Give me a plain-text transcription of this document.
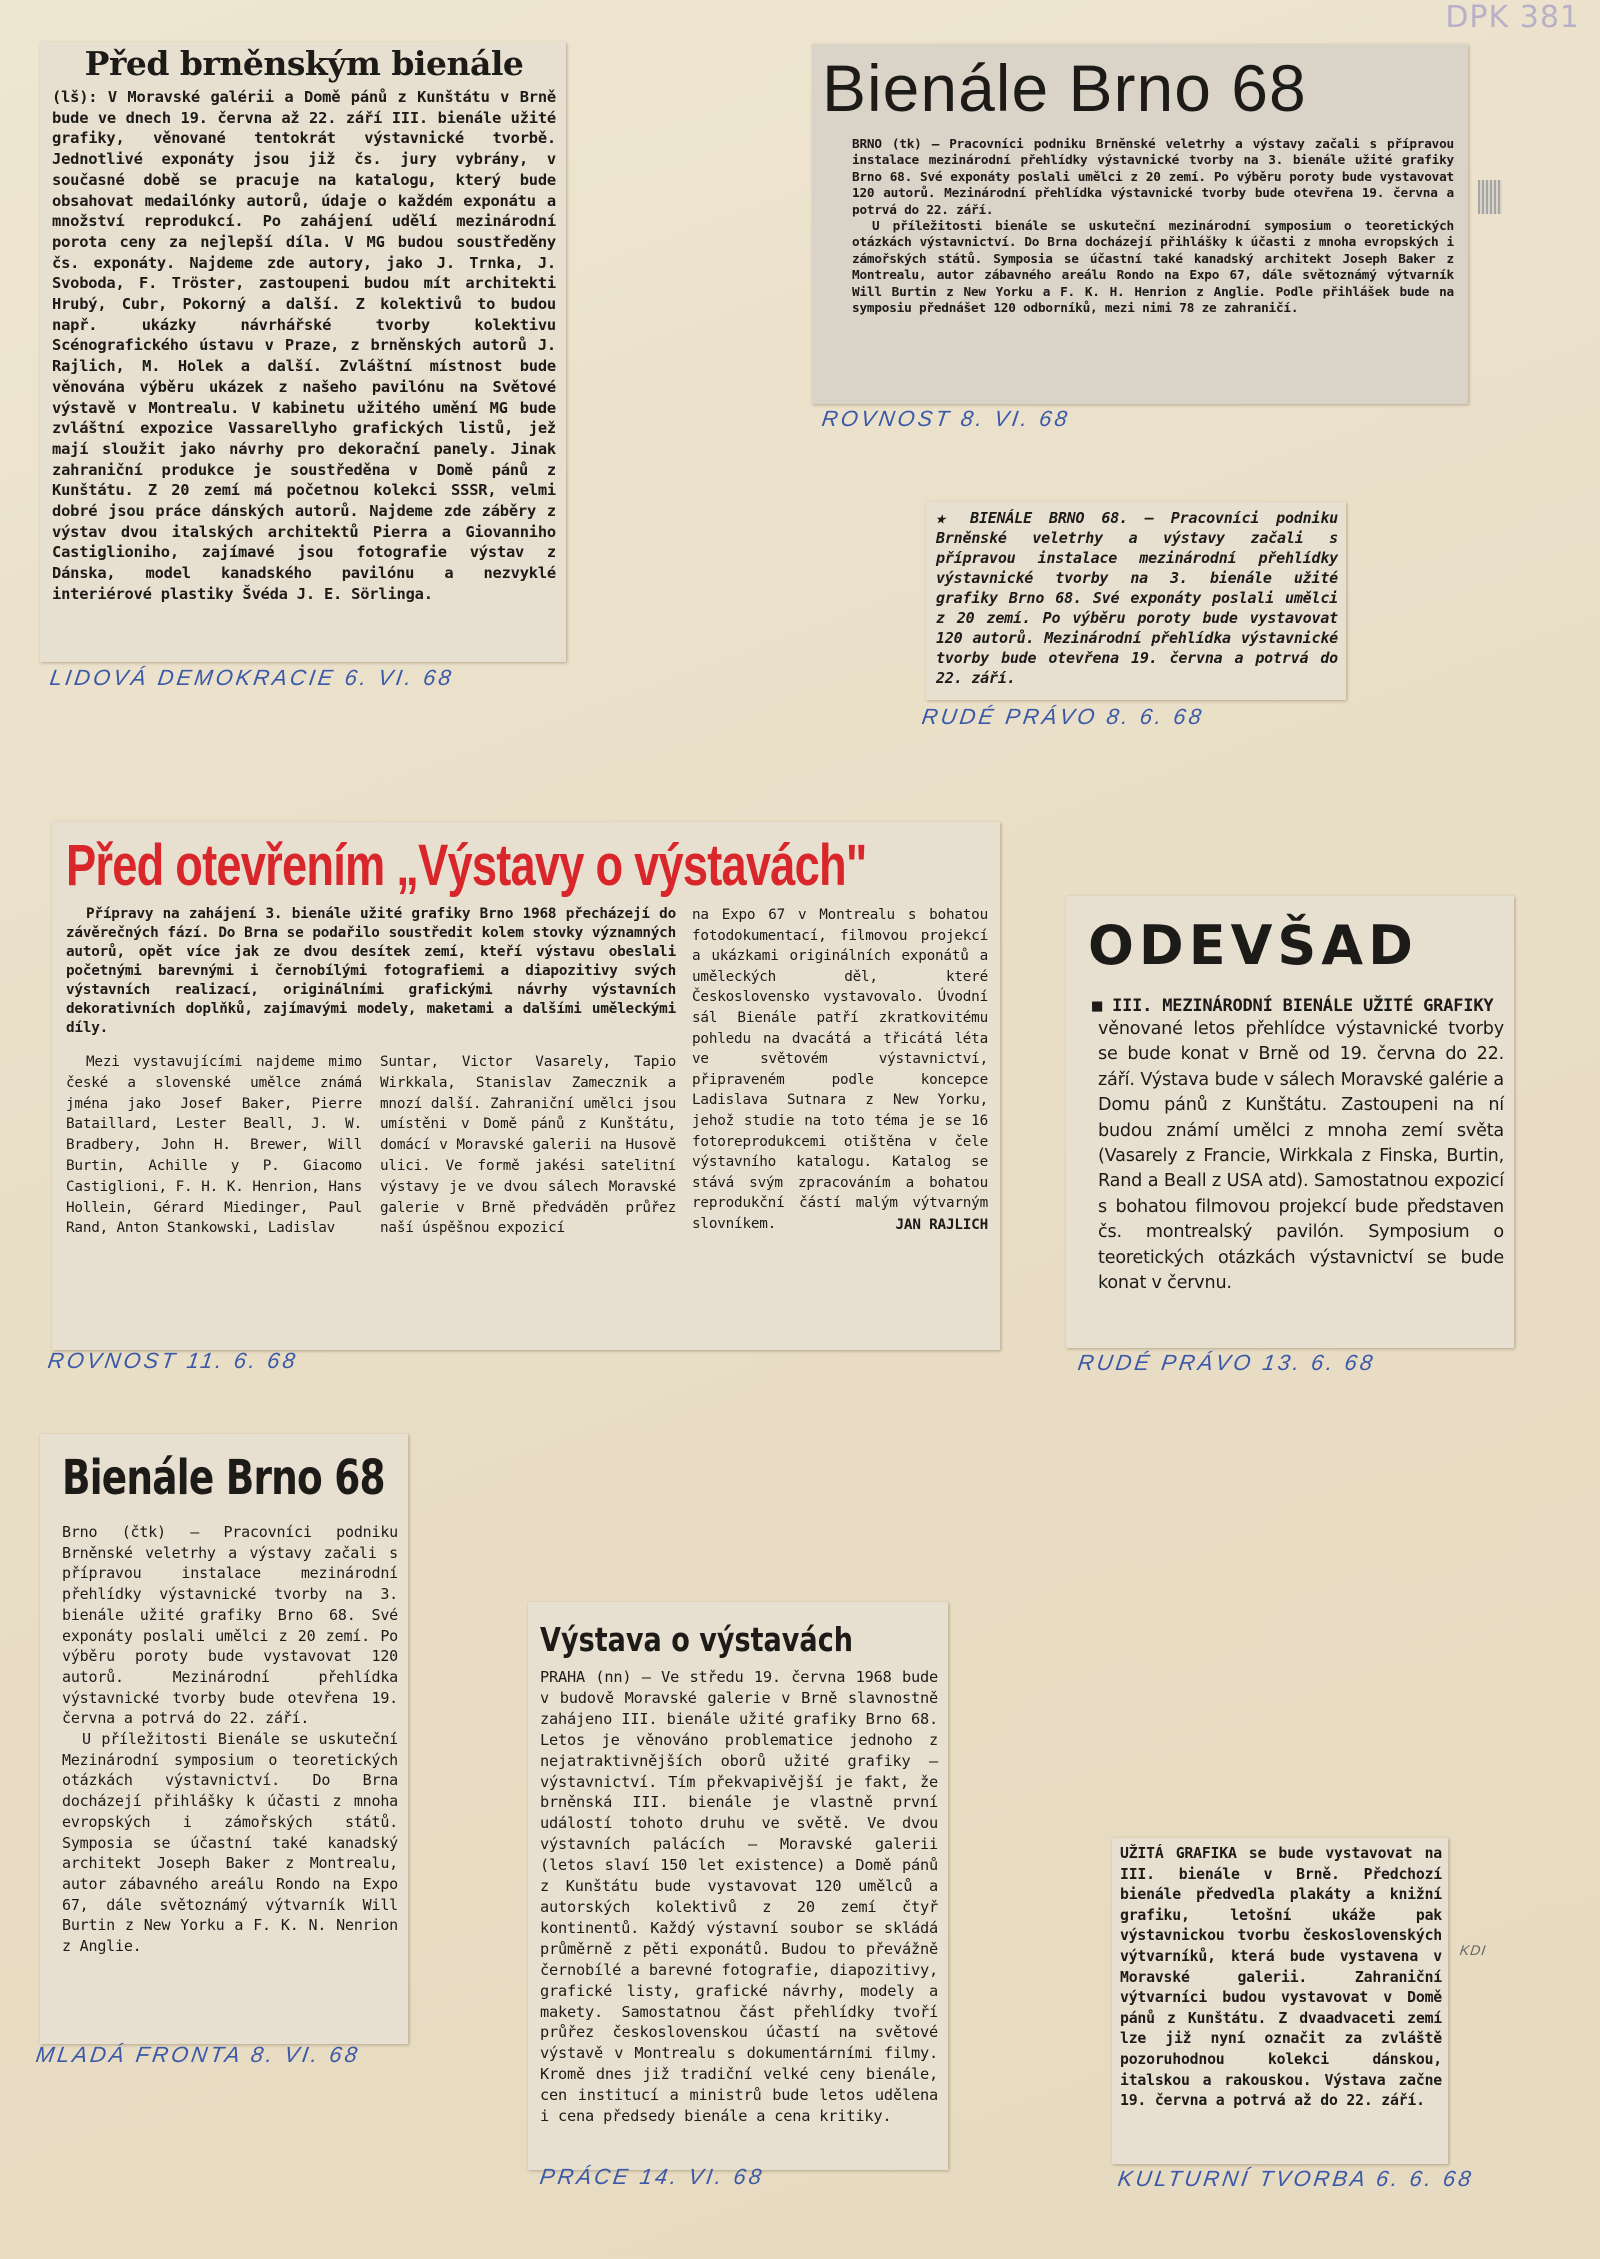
DPK 381
Před brněnským bienále

(lš): V Moravské galérii a Domě pánů z Kunštátu v Brně bude ve dnech 19. června až 22. září III. bienále užité grafiky, věnované tentokrát výstavnické tvorbě. Jednotlivé exponáty jsou již čs. jury vybrány, v současné době se pracuje na katalogu, který bude obsahovat medailónky autorů, údaje o každém exponátu a množství reprodukcí. Po zahájení udělí mezinárodní porota ceny za nejlepší díla. V MG budou soustředěny čs. exponáty. Najdeme zde autory, jako J. Trnka, J. Svoboda, F. Tröster, zastoupeni budou mít architekti Hrubý, Cubr, Pokorný a další. Z kolektivů to budou např. ukázky návrhářské tvorby kolektivu Scénografického ústavu v Praze, z brněnských autorů J. Rajlich, M. Holek a další. Zvláštní místnost bude věnována výběru ukázek z našeho pavilónu na Světové výstavě v Montrealu. V kabinetu užitého umění MG bude zvláštní expozice Vassarellyho grafických listů, jež mají sloužit jako návrhy pro dekorační panely. Jinak zahraniční produkce je soustředěna v Domě pánů z Kunštátu. Z 20 zemí má početnou kolekci SSSR, velmi dobré jsou práce dánských autorů. Najdeme zde záběry z výstav dvou italských architektů Pierra a Giovanniho Castiglioniho, zajímavé jsou fotografie výstav z Dánska, model kanadského pavilónu a nezvyklé interiérové plastiky Švéda J. E. Sörlinga.

LIDOVÁ DEMOKRACIE 6. VI. 68
Bienále Brno 68

BRNO (tk) — Pracovníci podniku Brněnské veletrhy a výstavy začali s přípravou instalace mezinárodní přehlídky výstavnické tvorby na 3. bienále užité grafiky Brno 68. Své exponáty poslali umělci z 20 zemí. Po výběru poroty bude vystavovat 120 autorů. Mezinárodní přehlídka výstavnické tvorby bude otevřena 19. června a potrvá do 22. září.

U příležitosti bienále se uskuteční mezinárodní symposium o teoretických otázkách výstavnictví. Do Brna docházejí přihlášky k účasti z mnoha evropských i zámořských států. Symposia se účastní také kanadský architekt Joseph Baker z Montrealu, autor zábavného areálu Rondo na Expo 67, dále světoznámý výtvarník Will Burtin z New Yorku a F. K. H. Henrion z Anglie. Podle přihlášek bude na symposiu přednášet 120 odborníků, mezi nimi 78 ze zahraničí.

ROVNOST 8. VI. 68

★ BIENÁLE BRNO 68. — Pracovníci podniku Brněnské veletrhy a výstavy začali s přípravou instalace mezinárodní přehlídky výstavnické tvorby na 3. bienále užité grafiky Brno 68. Své exponáty poslali umělci z 20 zemí. Po výběru poroty bude vystavovat 120 autorů. Mezinárodní přehlídka výstavnické tvorby bude otevřena 19. června a potrvá do 22. září.

RUDÉ PRÁVO 8. 6. 68
Před otevřením „Výstavy o výstavách"

Přípravy na zahájení 3. bienále užité grafiky Brno 1968 přecházejí do závěrečných fází. Do Brna se podařilo soustředit kolem stovky významných autorů, opět více jak ze dvou desítek zemí, kteří výstavu obeslali početnými barevnými i černobílými fotografiemi a diapozitivy svých výstavních realizací, originálními grafickými návrhy výstavních dekorativních doplňků, zajímavými modely, maketami a dalšími uměleckými díly.

Mezi vystavujícími najdeme mimo české a slovenské umělce známá jména jako Josef Baker, Pierre Bataillard, Lester Beall, J. W. Bradbery, John H. Brewer, Will Burtin, Achille y P. Giacomo Castiglioni, F. H. K. Henrion, Hans Hollein, Gérard Miedinger, Paul Rand, Anton Stankowski, Ladislav

Suntar, Victor Vasarely, Tapio Wirkkala, Stanislav Zamecznik a mnozí další. Zahraniční umělci jsou umístěni v Domě pánů z Kunštátu, domácí v Moravské galerii na Husově ulici. Ve formě jakési satelitní výstavy je ve dvou sálech Moravské galerie v Brně předváděn průřez naší úspěšnou expozicí

na Expo 67 v Montrealu s bohatou fotodokumentací, filmovou projekcí a ukázkami originálních exponátů a uměleckých děl, které Československo vystavovalo. Úvodní sál Bienále patří zkratkovitému pohledu na dvacátá a třicátá léta ve světovém výstavnictví, připraveném podle koncepce Ladislava Sutnara z New Yorku, jehož studie na toto téma je se 16 fotoreprodukcemi otištěna v čele výstavního katalogu. Katalog se stává svým zpracováním a bohatou reprodukční částí malým výtvarným slovníkem.	JAN RAJLICH

ROVNOST 11. 6. 68
ODEVŠAD

■ III. MEZINÁRODNÍ BIENÁLE UŽITÉ GRAFIKY

věnované letos přehlídce výstavnické tvorby se bude konat v Brně od 19. června do 22. září. Výstava bude v sálech Moravské galérie a Domu pánů z Kunštátu. Zastoupeni na ní budou známí umělci z mnoha zemí světa (Vasarely z Francie, Wirkkala z Finska, Burtin, Rand a Beall z USA atd). Samostatnou expozicí s bohatou filmovou projekcí bude představen čs. montrealský pavilón. Symposium o teoretických otázkách výstavnictví se bude konat v červnu.

RUDÉ PRÁVO 13. 6. 68
Bienále Brno 68

Brno (čtk) — Pracovníci podniku Brněnské veletrhy a výstavy začali s přípravou instalace mezinárodní přehlídky výstavnické tvorby na 3. bienále užité grafiky Brno 68. Své exponáty poslali umělci z 20 zemí. Po výběru poroty bude vystavovat 120 autorů. Mezinárodní přehlídka výstavnické tvorby bude otevřena 19. června a potrvá do 22. září.

U příležitosti Bienále se uskuteční Mezinárodní symposium o teoretických otázkách výstavnictví. Do Brna docházejí přihlášky k účasti z mnoha evropských i zámořských států. Symposia se účastní také kanadský architekt Joseph Baker z Montrealu, autor zábavného areálu Rondo na Expo 67, dále světoznámý výtvarník Will Burtin z New Yorku a F. K. N. Nenrion z Anglie.

MLADÁ FRONTA 8. VI. 68
Výstava o výstavách

PRAHA (nn) — Ve středu 19. června 1968 bude v budově Moravské galerie v Brně slavnostně zahájeno III. bienále užité grafiky Brno 68. Letos je věnováno problematice jednoho z nejatraktivnějších oborů užité grafiky — výstavnictví. Tím překvapivější je fakt, že brněnská III. bienále je vlastně první událostí tohoto druhu ve světě. Ve dvou výstavních palácích — Moravské galerii (letos slaví 150 let existence) a Domě pánů z Kunštátu bude vystavovat 120 umělců a autorských kolektivů z 20 zemí čtyř kontinentů. Každý výstavní soubor se skládá průměrně z pěti exponátů. Budou to převážně černobílé a barevné fotografie, diapozitivy, grafické listy, grafické návrhy, modely a makety. Samostatnou část přehlídky tvoří průřez československou účastí na světové výstavě v Montrealu s dokumentárními filmy. Kromě dnes již tradiční velké ceny bienále, cen institucí a ministrů bude letos udělena i cena předsedy bienále a cena kritiky.

PRÁCE 14. VI. 68

UŽITÁ GRAFIKA se bude vystavovat na III. bienále v Brně. Předchozí bienále předvedla plakáty a knižní grafiku, letošní ukáže pak výstavnickou tvorbu československých výtvarníků, která bude vystavena v Moravské galerii. Zahraniční výtvarníci budou vystavovat v Domě pánů z Kunštátu. Z dvaadvaceti zemí lze již nyní označit za zvláště pozoruhodnou kolekci dánskou, italskou a rakouskou. Výstava začne 19. června a potrvá až do 22. září.

KDI
KULTURNÍ TVORBA 6. 6. 68
